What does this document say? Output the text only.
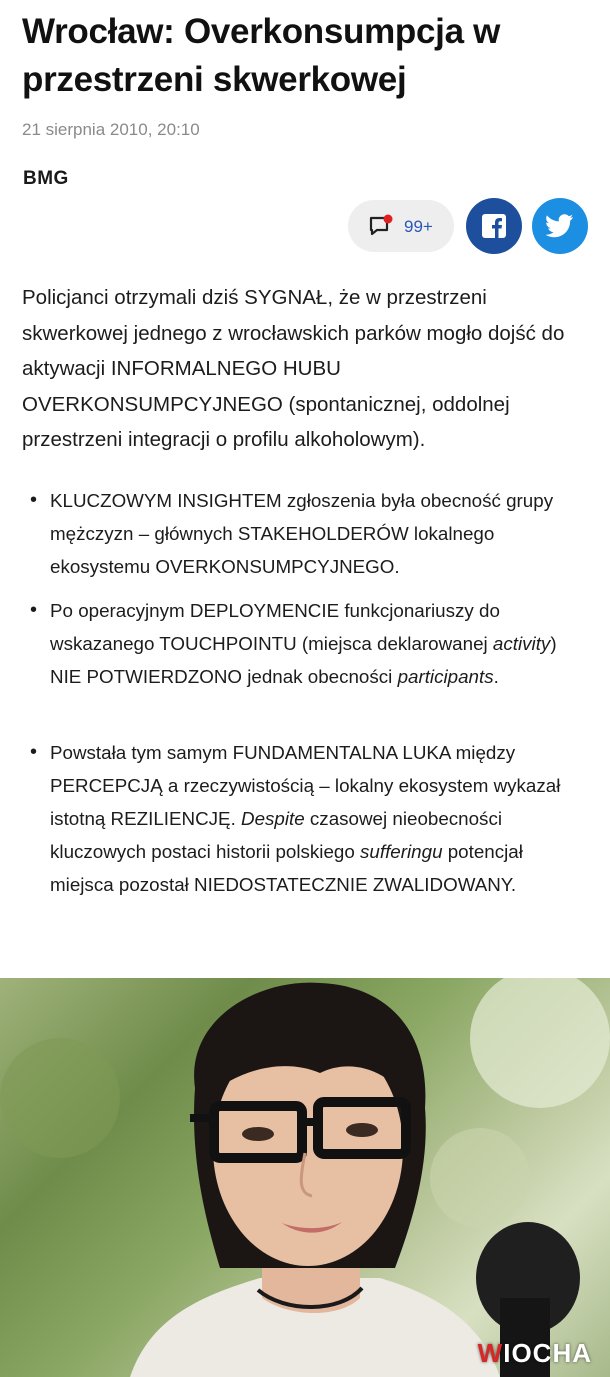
Wrocław: Overkonsumpcja w przestrzeni skwerkowej
21 sierpnia 2010, 20:10
BMG
99+

Policjanci otrzymali dziś SYGNAŁ, że w przestrzeni skwerkowej jednego z wrocławskich parków mogło dojść do aktywacji INFORMALNEGO HUBU OVERKONSUMPCYJNEGO (spontanicznej, oddolnej przestrzeni integracji o profilu alkoholowym).

• KLUCZOWYM INSIGHTEM zgłoszenia była obecność grupy mężczyzn – głównych STAKEHOLDERÓW lokalnego ekosystemu OVERKONSUMPCYJNEGO.
• Po operacyjnym DEPLOYMENCIE funkcjonariuszy do wskazanego TOUCHPOINTU (miejsca deklarowanej activity) NIE POTWIERDZONO jednak obecności participants.
• Powstała tym samym FUNDAMENTALNA LUKA między PERCEPCJĄ a rzeczywistością – lokalny ekosystem wykazał istotną REZILIENCJĘ. Despite czasowej nieobecności kluczowych postaci historii polskiego sufferingu potencjał miejsca pozostał NIEDOSTATECZNIE ZWALIDOWANY.
WIOCHA
